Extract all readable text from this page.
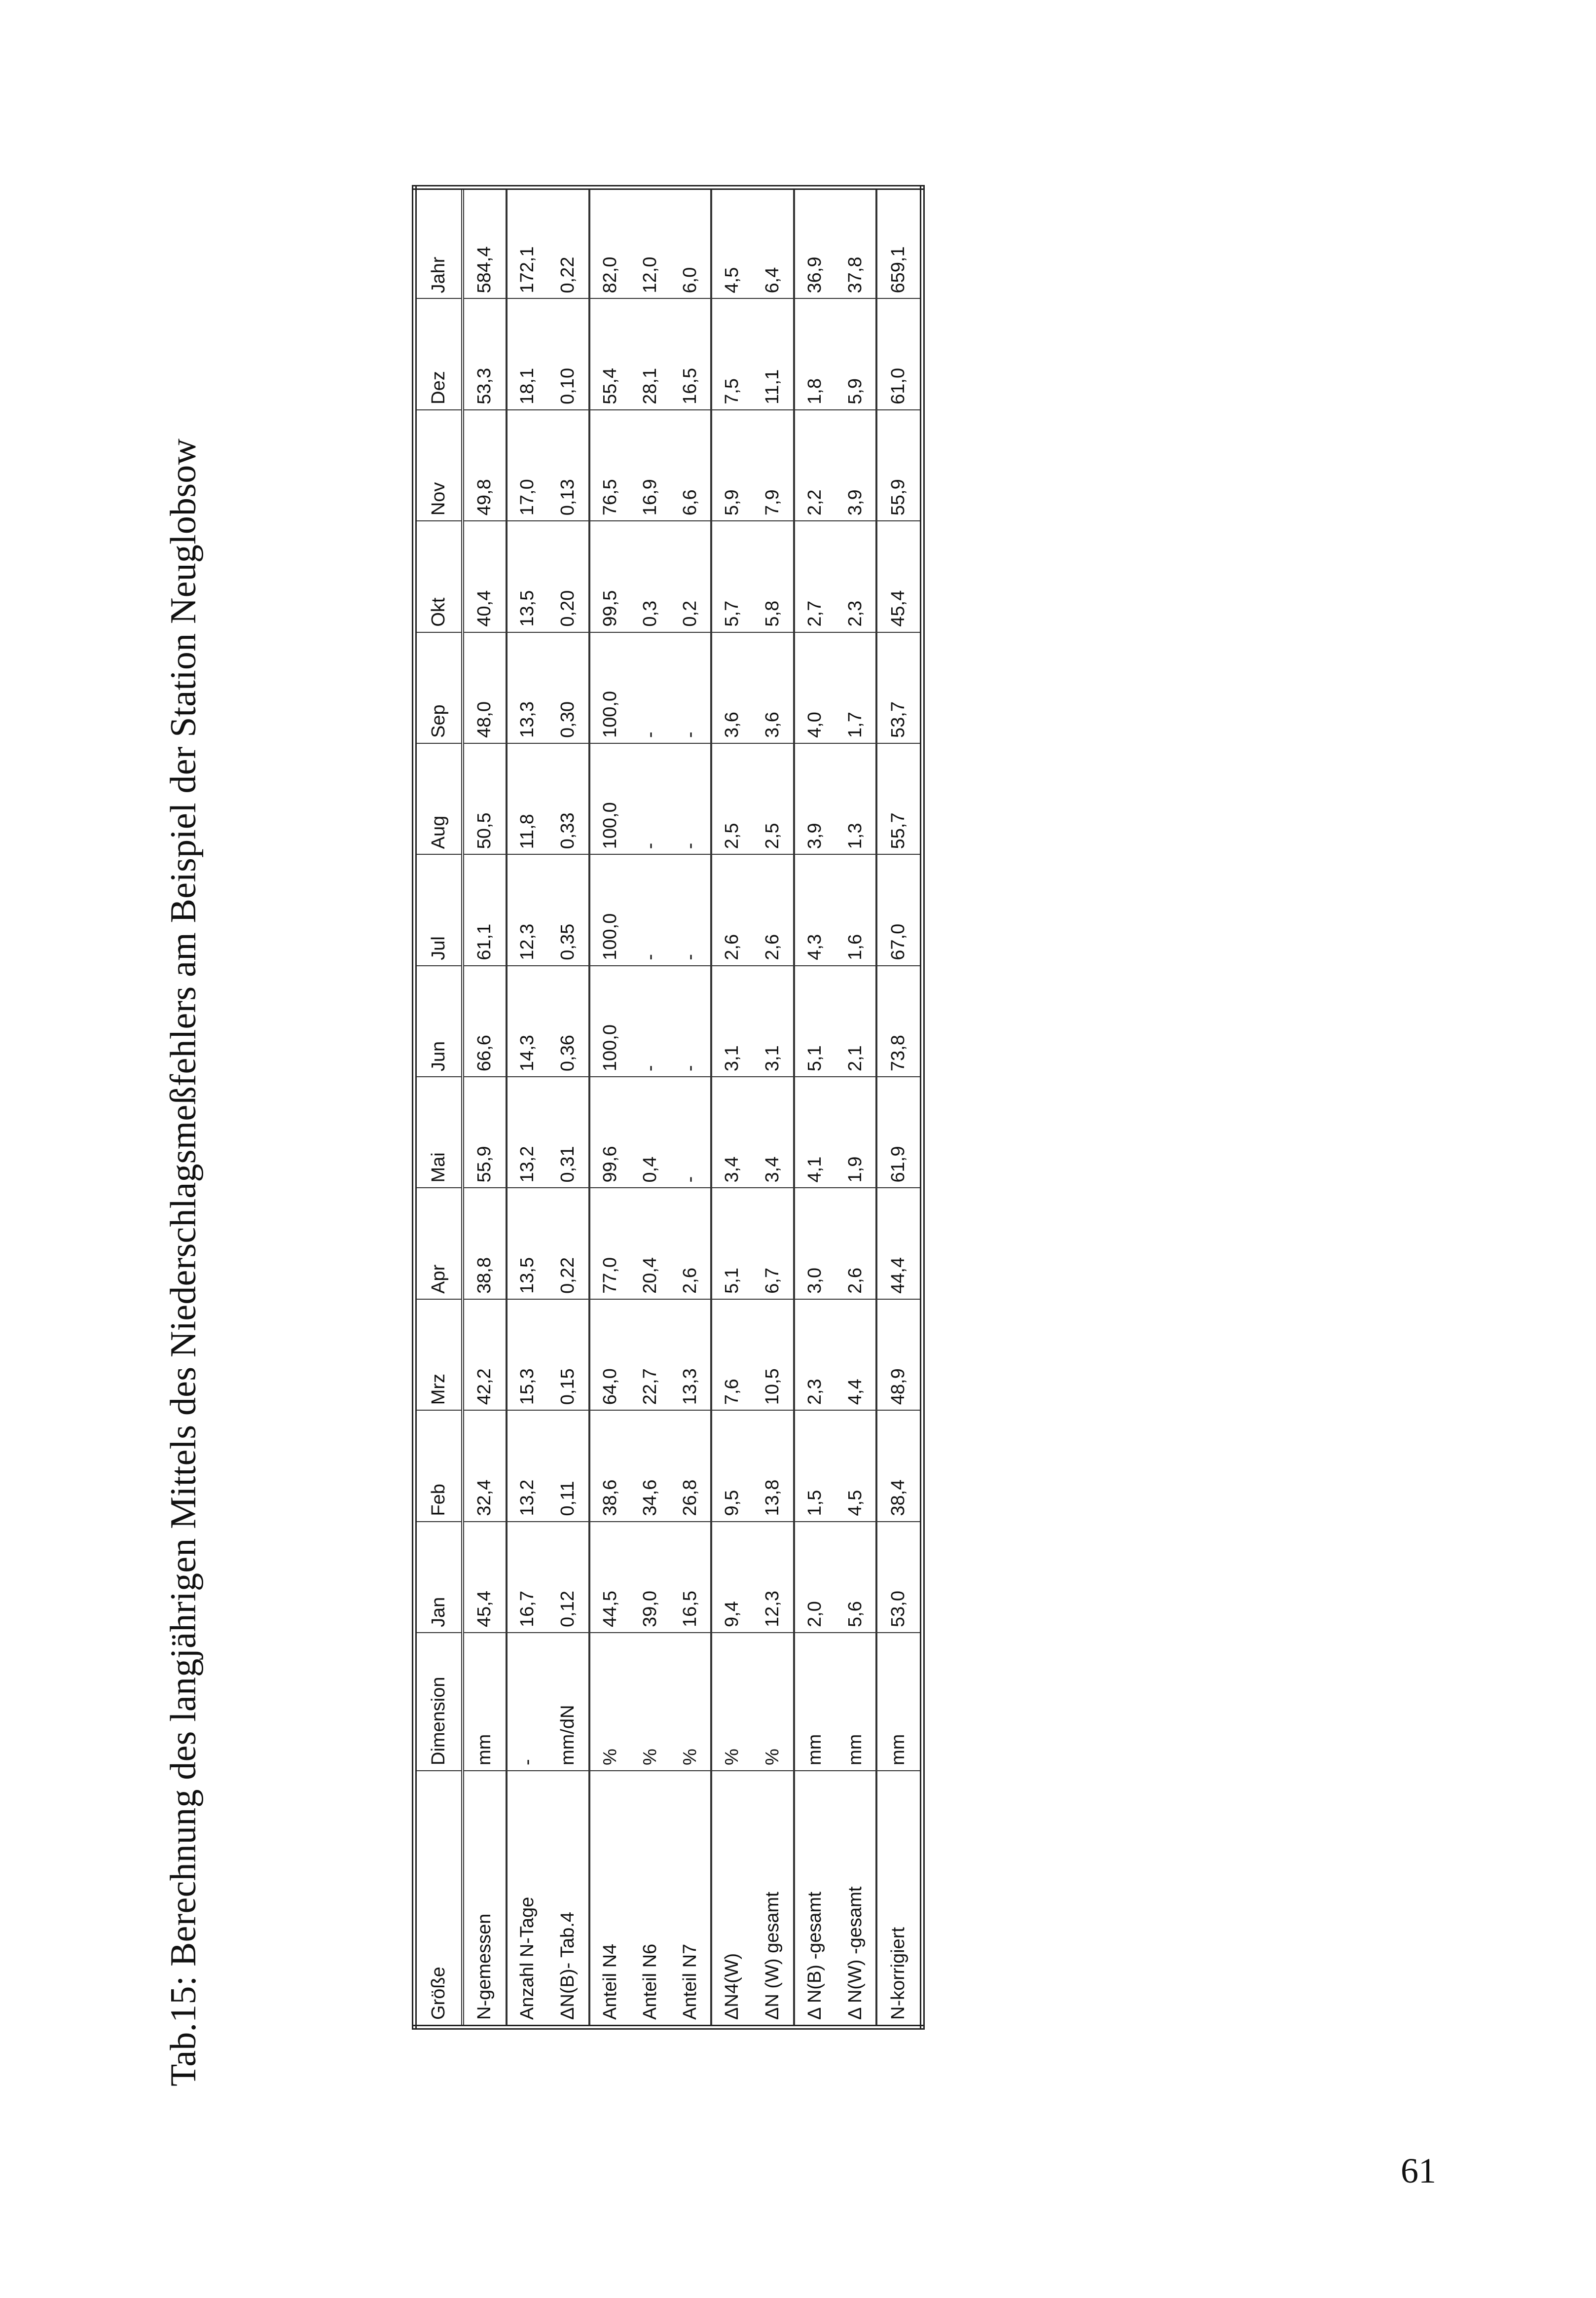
Tab.15: Berechnung des langjährigen Mittels des Niederschlagsmeßfehlers am Beispiel der Station Neuglobsow	Größe	Dimension	Jan	Feb	Mrz	Apr	Mai	Jun	Jul	Aug	Sep	Okt	Nov	Dez	Jahr
N-gemessen	mm	45,4	32,4	42,2	38,8	55,9	66,6	61,1	50,5	48,0	40,4	49,8	53,3	584,4
Anzahl N-Tage	-	16,7	13,2	15,3	13,5	13,2	14,3	12,3	11,8	13,3	13,5	17,0	18,1	172,1
ΔN(B)- Tab.4	mm/dN	0,12	0,11	0,15	0,22	0,31	0,36	0,35	0,33	0,30	0,20	0,13	0,10	0,22
Anteil N4	%	44,5	38,6	64,0	77,0	99,6	100,0	100,0	100,0	100,0	99,5	76,5	55,4	82,0
Anteil N6	%	39,0	34,6	22,7	20,4	0,4	-	-	-	-	0,3	16,9	28,1	12,0
Anteil N7	%	16,5	26,8	13,3	2,6	-	-	-	-	-	0,2	6,6	16,5	6,0
ΔN4(W)	%	9,4	9,5	7,6	5,1	3,4	3,1	2,6	2,5	3,6	5,7	5,9	7,5	4,5
ΔN (W) gesamt	%	12,3	13,8	10,5	6,7	3,4	3,1	2,6	2,5	3,6	5,8	7,9	11,1	6,4
Δ N(B) -gesamt	mm	2,0	1,5	2,3	3,0	4,1	5,1	4,3	3,9	4,0	2,7	2,2	1,8	36,9
Δ N(W) -gesamt	mm	5,6	4,5	4,4	2,6	1,9	2,1	1,6	1,3	1,7	2,3	3,9	5,9	37,8
N-korrigiert	mm	53,0	38,4	48,9	44,4	61,9	73,8	67,0	55,7	53,7	45,4	55,9	61,0	659,1
61
